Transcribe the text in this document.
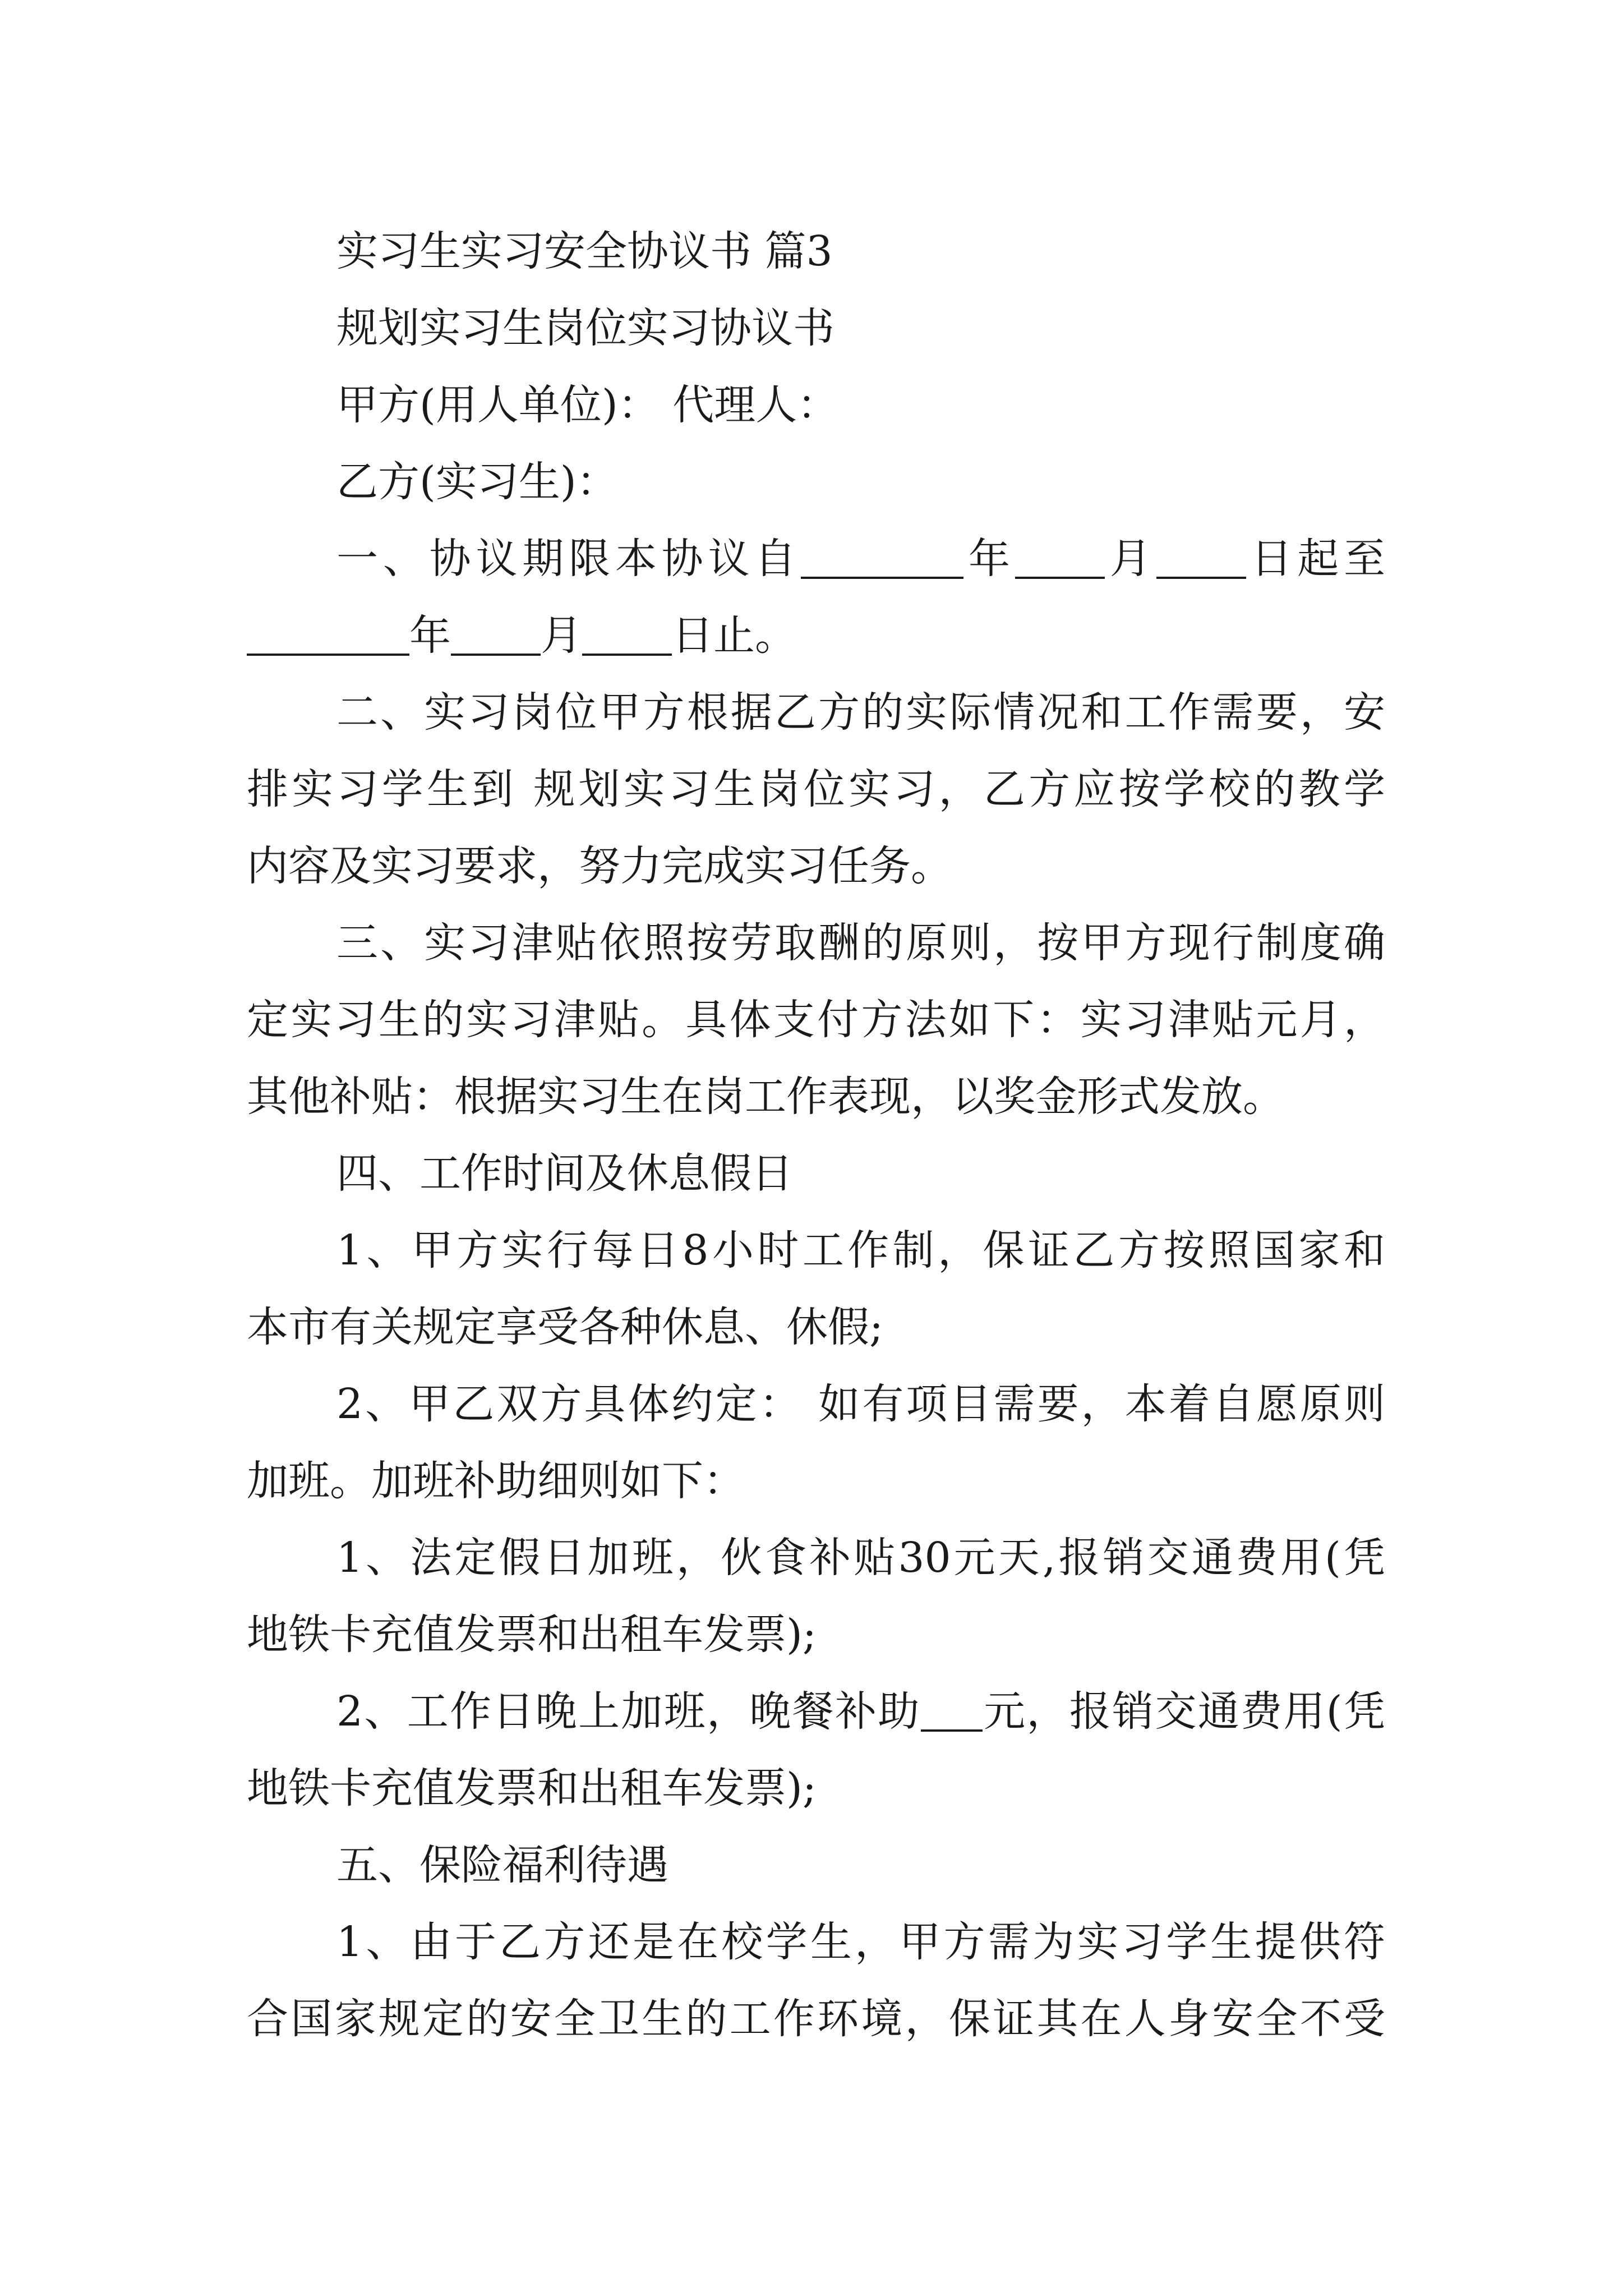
实习生实习安全协议书 篇3

规划实习生岗位实习协议书

甲方(用人单位)： 代理人：

乙方(实习生)：

一、协议期限本协议自	年 月 日起至

年 月 日止。

二、实习岗位甲方根据乙方的实际情况和工作需要，安

排实习学生到 规划实习生岗位实习，乙方应按学校的教学

内容及实习要求，努力完成实习任务。

三、实习津贴依照按劳取酬的原则，按甲方现行制度确

定实习生的实习津贴。具体支付方法如下：实习津贴元月，

其他补贴：根据实习生在岗工作表现，以奖金形式发放。

四、工作时间及休息假日

1、甲方实行每日8小时工作制，保证乙方按照国家和

本市有关规定享受各种休息、休假;

2、甲乙双方具体约定： 如有项目需要，本着自愿原则

加班。加班补助细则如下：

1、法定假日加班，伙食补贴30元天,报销交通费用(凭

地铁卡充值发票和出租车发票);

2、工作日晚上加班，晚餐补助 元，报销交通费用(凭

地铁卡充值发票和出租车发票);

五、保险福利待遇

1、由于乙方还是在校学生，甲方需为实习学生提供符

合国家规定的安全卫生的工作环境，保证其在人身安全不受
